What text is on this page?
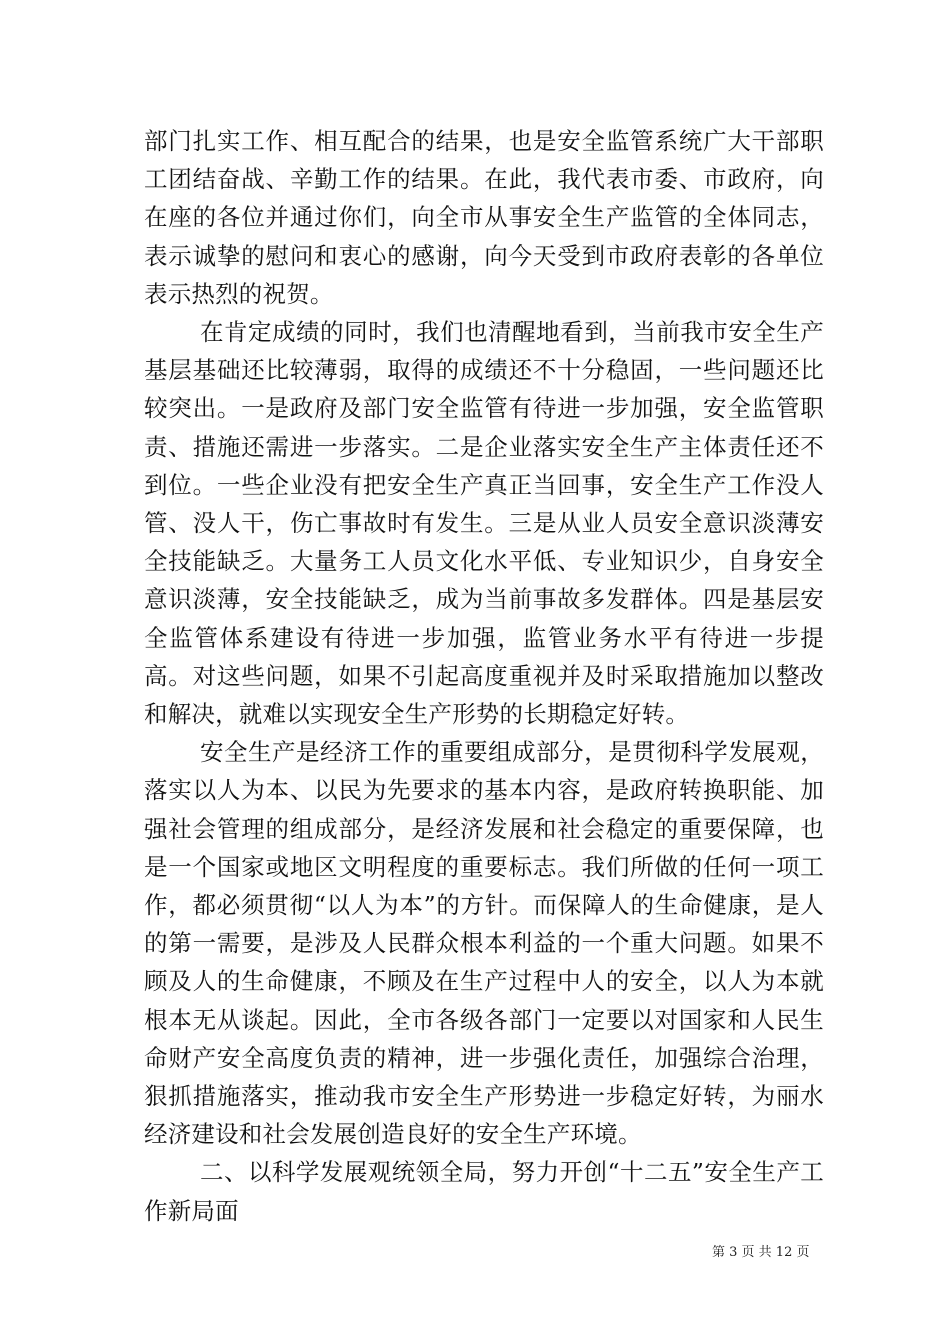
部门扎实工作、相互配合的结果，也是安全监管系统广大干部职工团结奋战、辛勤工作的结果。在此，我代表市委、市政府，向在座的各位并通过你们，向全市从事安全生产监管的全体同志，表示诚挚的慰问和衷心的感谢，向今天受到市政府表彰的各单位表示热烈的祝贺。

在肯定成绩的同时，我们也清醒地看到，当前我市安全生产基层基础还比较薄弱，取得的成绩还不十分稳固，一些问题还比较突出。一是政府及部门安全监管有待进一步加强，安全监管职责、措施还需进一步落实。二是企业落实安全生产主体责任还不到位。一些企业没有把安全生产真正当回事，安全生产工作没人管、没人干，伤亡事故时有发生。三是从业人员安全意识淡薄安全技能缺乏。大量务工人员文化水平低、专业知识少，自身安全意识淡薄，安全技能缺乏，成为当前事故多发群体。四是基层安全监管体系建设有待进一步加强，监管业务水平有待进一步提高。对这些问题，如果不引起高度重视并及时采取措施加以整改和解决，就难以实现安全生产形势的长期稳定好转。

安全生产是经济工作的重要组成部分，是贯彻科学发展观，落实以人为本、以民为先要求的基本内容，是政府转换职能、加强社会管理的组成部分，是经济发展和社会稳定的重要保障，也是一个国家或地区文明程度的重要标志。我们所做的任何一项工作，都必须贯彻“以人为本”的方针。而保障人的生命健康，是人的第一需要，是涉及人民群众根本利益的一个重大问题。如果不顾及人的生命健康，不顾及在生产过程中人的安全，以人为本就根本无从谈起。因此，全市各级各部门一定要以对国家和人民生命财产安全高度负责的精神，进一步强化责任，加强综合治理，狠抓措施落实，推动我市安全生产形势进一步稳定好转，为丽水经济建设和社会发展创造良好的安全生产环境。

二、以科学发展观统领全局，努力开创“十二五”安全生产工作新局面

第 3 页 共 12 页
